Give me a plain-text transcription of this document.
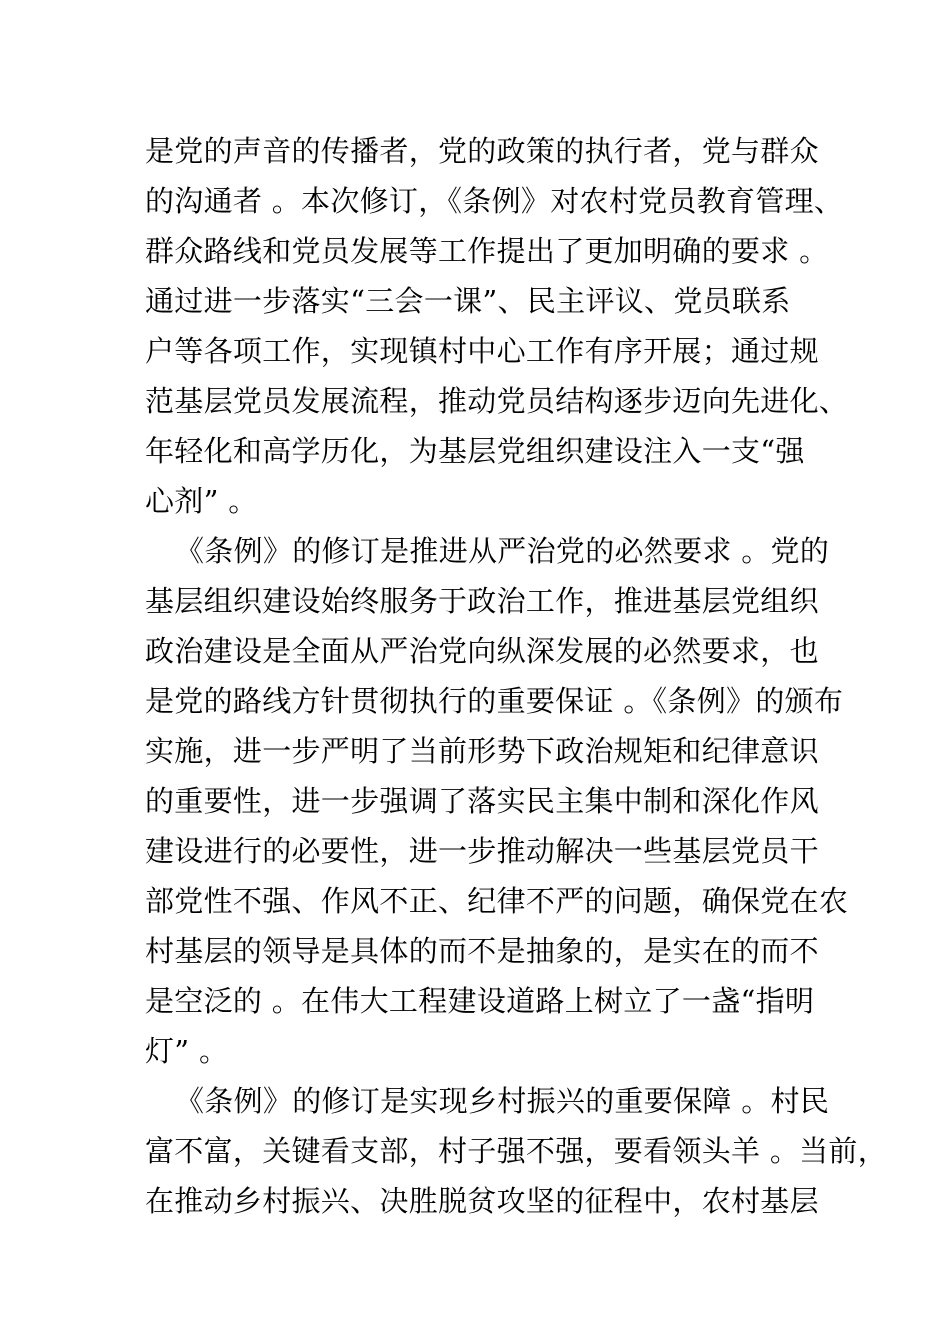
是党的声音的传播者，党的政策的执行者，党与群众
的沟通者 。本次修订，《条例》对农村党员教育管理、
群众路线和党员发展等工作提出了更加明确的要求 。
通过进一步落实“三会一课”、民主评议、党员联系
户等各项工作，实现镇村中心工作有序开展；通过规
范基层党员发展流程，推动党员结构逐步迈向先进化、
年轻化和高学历化，为基层党组织建设注入一支“强
心剂” 。
《条例》的修订是推进从严治党的必然要求 。党的
基层组织建设始终服务于政治工作，推进基层党组织
政治建设是全面从严治党向纵深发展的必然要求，也
是党的路线方针贯彻执行的重要保证 。《条例》的颁布
实施，进一步严明了当前形势下政治规矩和纪律意识
的重要性，进一步强调了落实民主集中制和深化作风
建设进行的必要性，进一步推动解决一些基层党员干
部党性不强、作风不正、纪律不严的问题，确保党在农
村基层的领导是具体的而不是抽象的，是实在的而不
是空泛的 。在伟大工程建设道路上树立了一盏“指明
灯” 。
《条例》的修订是实现乡村振兴的重要保障 。村民
富不富，关键看支部，村子强不强，要看领头羊 。当前，
在推动乡村振兴、决胜脱贫攻坚的征程中，农村基层
